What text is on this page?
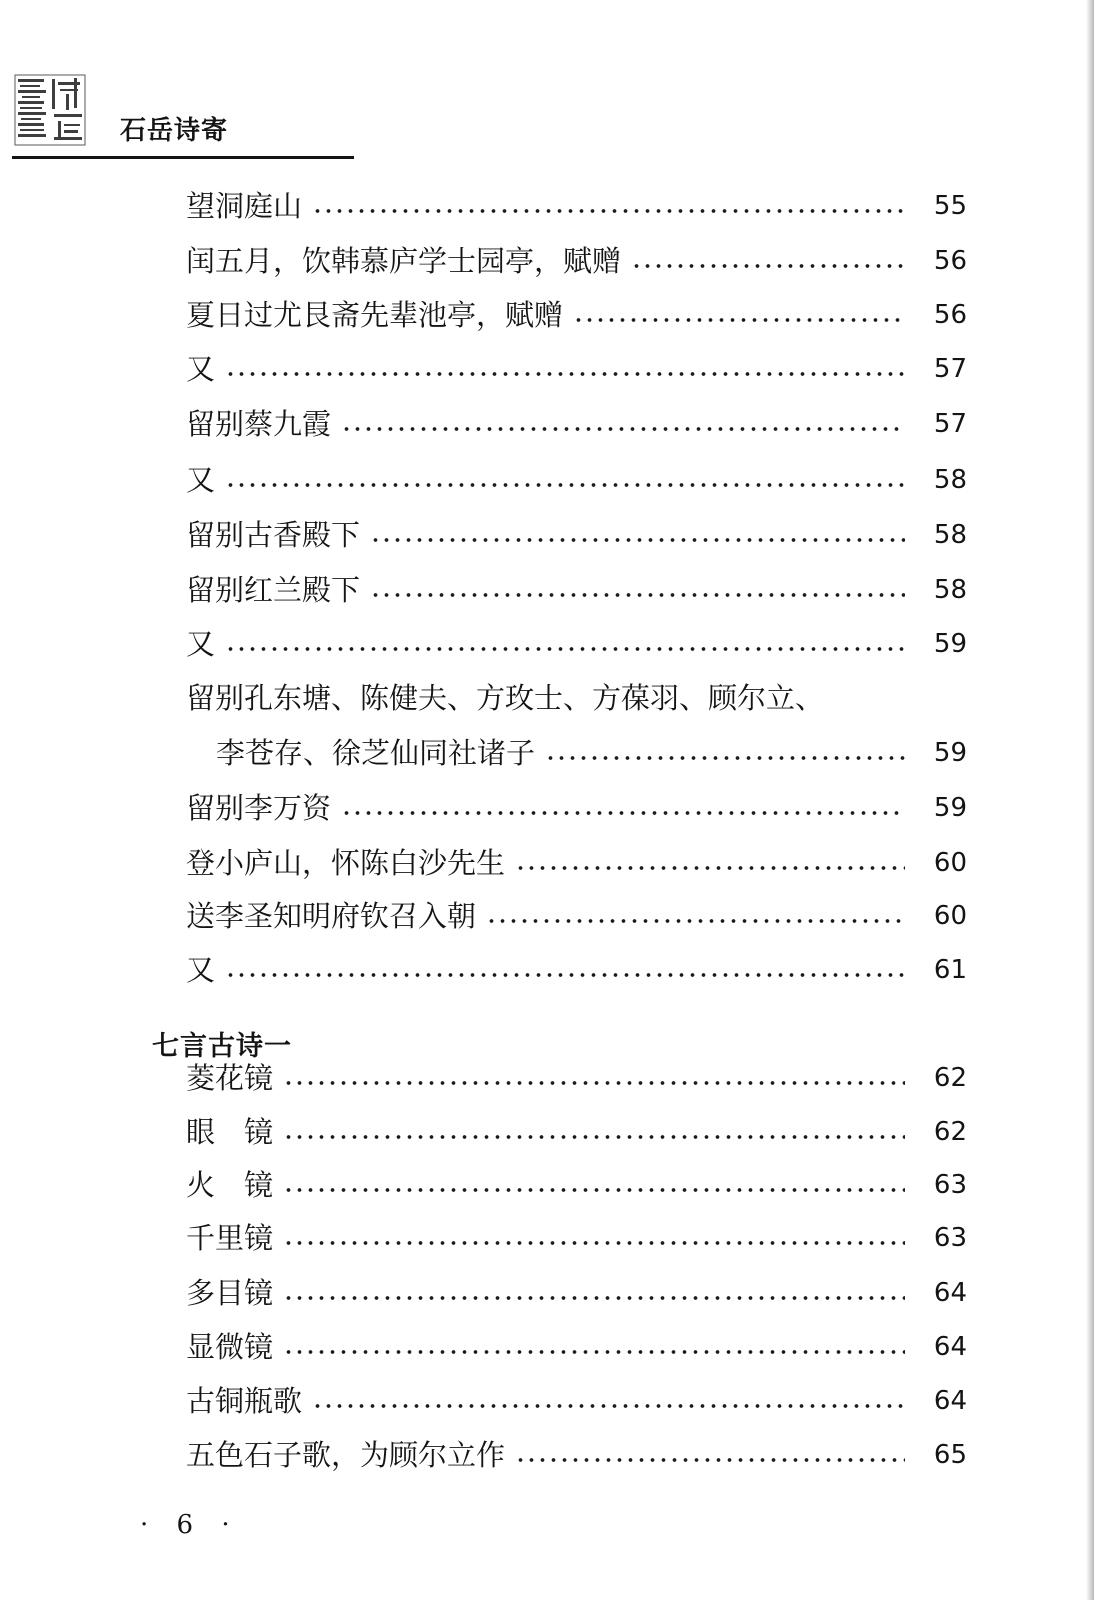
石岳诗寄
望洞庭山	55
闰五月，饮韩慕庐学士园亭，赋赠	56
夏日过尤艮斋先辈池亭，赋赠	56
又	57
留别蔡九霞	57
又	58
留别古香殿下	58
留别红兰殿下	58
又	59
留别孔东塘、陈健夫、方玫士、方葆羽、顾尔立、
李苍存、徐芝仙同社诸子	59
留别李万资	59
登小庐山，怀陈白沙先生	60
送李圣知明府钦召入朝	60
又	61
七言古诗一
菱花镜	62
眼　镜	62
火　镜	63
千里镜	63
多目镜	64
显微镜	64
古铜瓶歌	64
五色石子歌，为顾尔立作	65
· 6 ·
